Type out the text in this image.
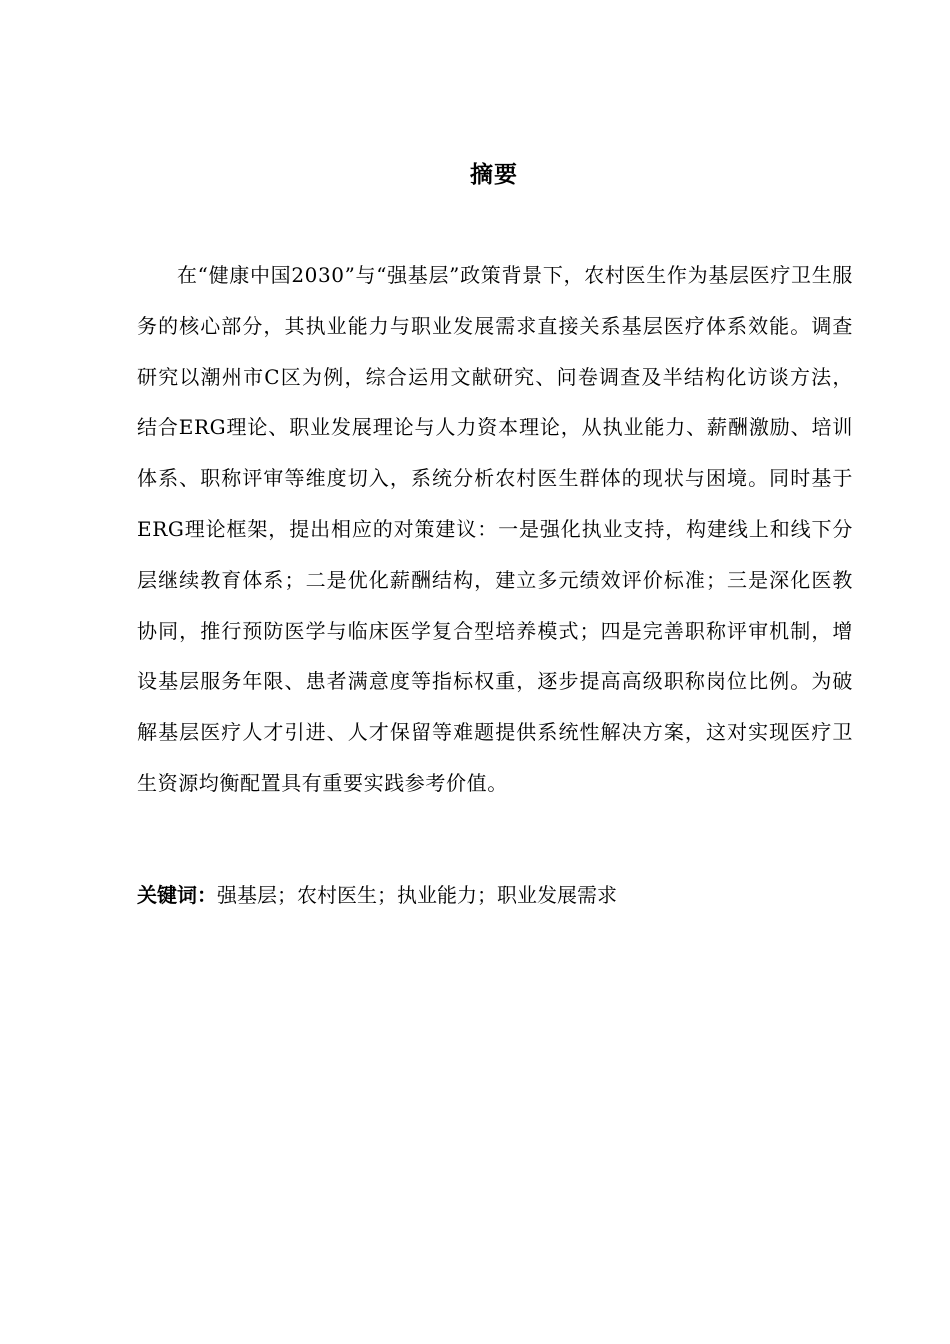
摘要

在“健康中国2030”与“强基层”政策背景下，农村医生作为基层医疗卫生服务的核心部分，其执业能力与职业发展需求直接关系基层医疗体系效能。调查研究以潮州市C区为例，综合运用文献研究、问卷调查及半结构化访谈方法，结合ERG理论、职业发展理论与人力资本理论，从执业能力、薪酬激励、培训体系、职称评审等维度切入，系统分析农村医生群体的现状与困境。同时基于ERG理论框架，提出相应的对策建议：一是强化执业支持，构建线上和线下分层继续教育体系；二是优化薪酬结构，建立多元绩效评价标准；三是深化医教协同，推行预防医学与临床医学复合型培养模式；四是完善职称评审机制，增设基层服务年限、患者满意度等指标权重，逐步提高高级职称岗位比例。为破解基层医疗人才引进、人才保留等难题提供系统性解决方案，这对实现医疗卫生资源均衡配置具有重要实践参考价值。

关键词：强基层；农村医生；执业能力；职业发展需求
